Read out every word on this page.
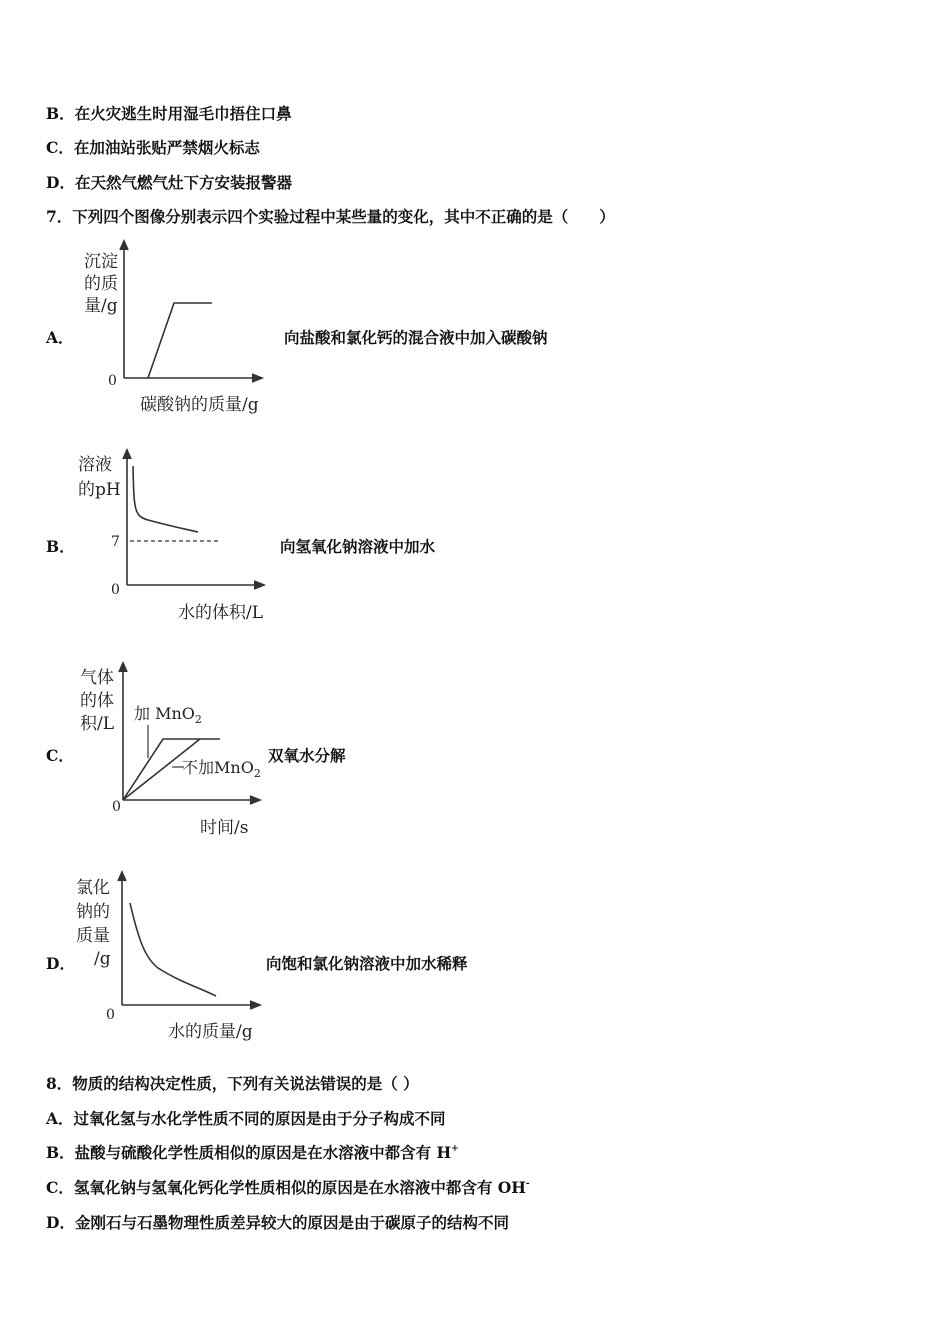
B．在火灾逃生时用湿毛巾捂住口鼻
C．在加油站张贴严禁烟火标志
D．在天然气燃气灶下方安装报警器
7．下列四个图像分别表示四个实验过程中某些量的变化，其中不正确的是（　　）
A．
沉淀
的质
量/g
0
碳酸钠的质量/g
向盐酸和氯化钙的混合液中加入碳酸钠
B．
溶液
的pH
7
0
水的体积/L
向氢氧化钠溶液中加水
C．
气体
的体
积/L
加 MnO$_2$
不加MnO$_2$
0
时间/s
双氧水分解
D．
氯化
钠的
质量
/g
0
水的质量/g
向饱和氯化钠溶液中加水稀释
8．物质的结构决定性质，下列有关说法错误的是（ ）
A．过氧化氢与水化学性质不同的原因是由于分子构成不同
B．盐酸与硫酸化学性质相似的原因是在水溶液中都含有 H+
C．氢氧化钠与氢氧化钙化学性质相似的原因是在水溶液中都含有 OH-
D．金刚石与石墨物理性质差异较大的原因是由于碳原子的结构不同
